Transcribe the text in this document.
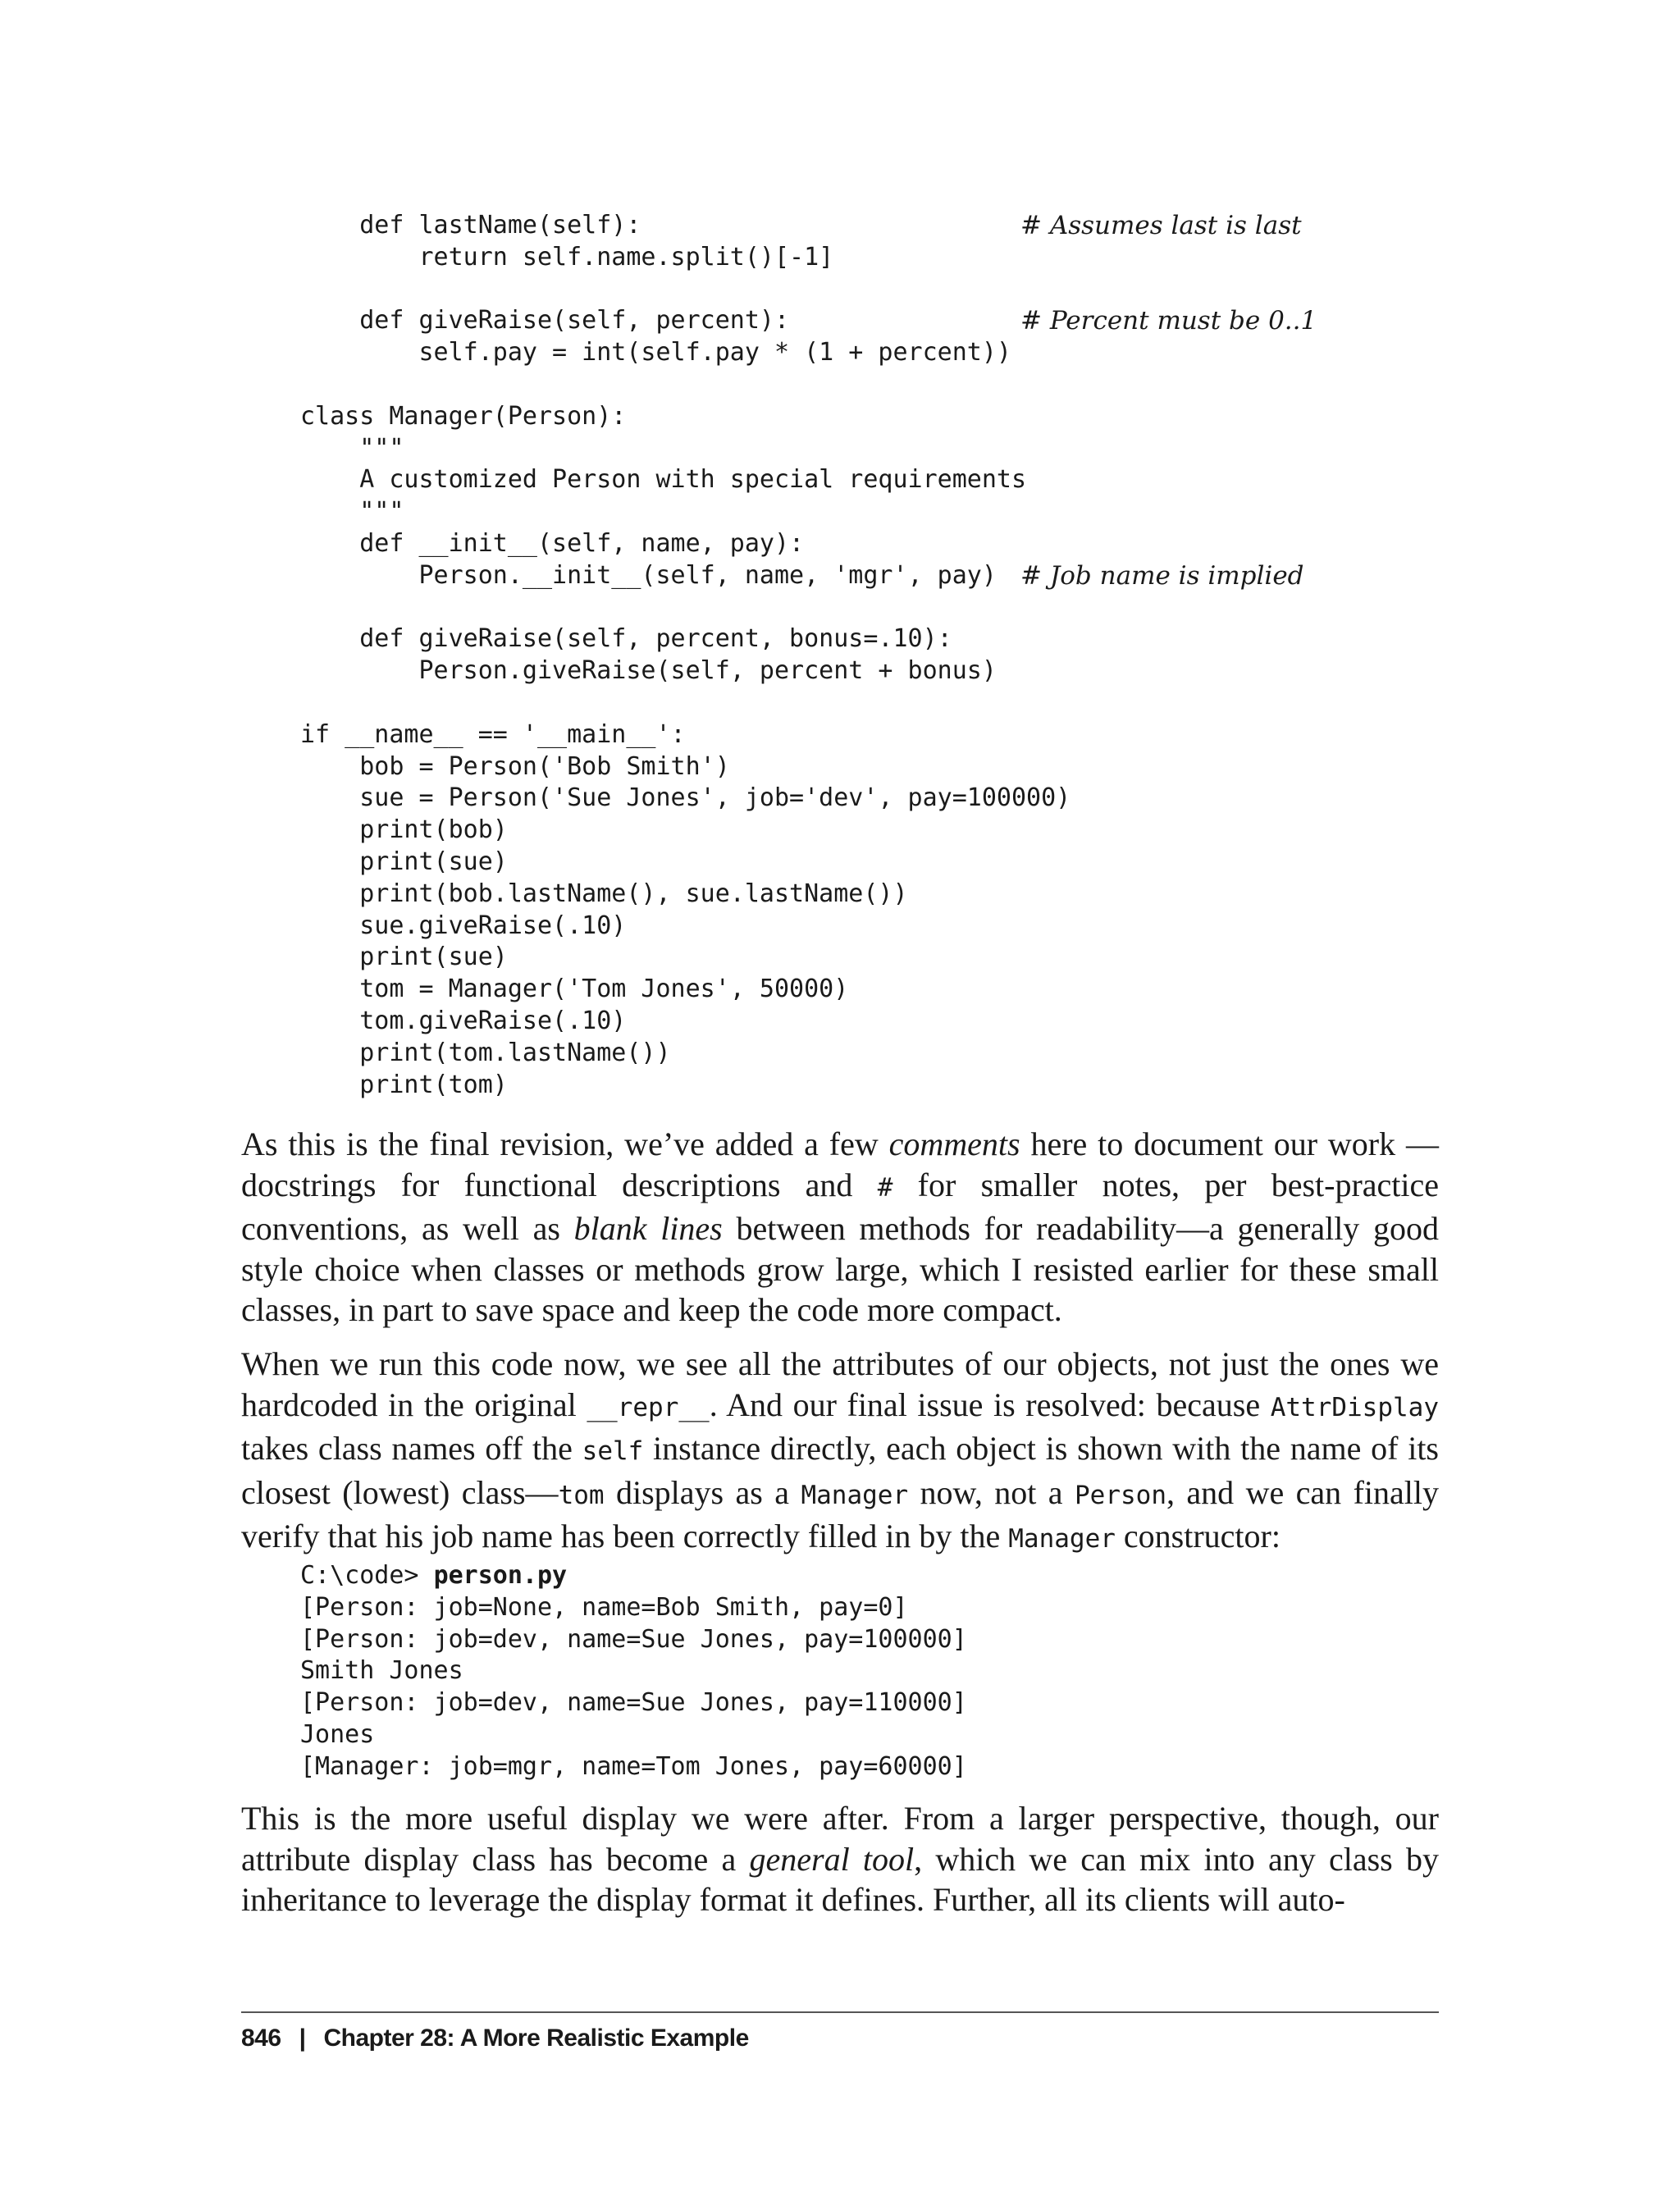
def lastName(self):	# Assumes last is last
return self.name.split()[-1]
def giveRaise(self, percent):	# Percent must be 0..1
self.pay = int(self.pay * (1 + percent))
class Manager(Person):
"""
A customized Person with special requirements
"""
def __init__(self, name, pay):
Person.__init__(self, name, 'mgr', pay) # Job name is implied
def giveRaise(self, percent, bonus=.10):
Person.giveRaise(self, percent + bonus)
if __name__ == '__main__':
bob = Person('Bob Smith')
sue = Person('Sue Jones', job='dev', pay=100000)
print(bob)
print(sue)
print(bob.lastName(), sue.lastName())
sue.giveRaise(.10)
print(sue)
tom = Manager('Tom Jones', 50000)
tom.giveRaise(.10)
print(tom.lastName())
print(tom)

As this is the final revision, we’ve added a few comments here to document our work —docstrings for functional descriptions and # for smaller notes, per best-practice conventions, as well as blank lines between methods for readability—a generally good style choice when classes or methods grow large, which I resisted earlier for these small classes, in part to save space and keep the code more compact.

When we run this code now, we see all the attributes of our objects, not just the ones we hardcoded in the original __repr__. And our final issue is resolved: because AttrDisplay takes class names off the self instance directly, each object is shown with the name of its closest (lowest) class—tom displays as a Manager now, not a Person, and we can finally verify that his job name has been correctly filled in by the Manager constructor:

C:\code> person.py
[Person: job=None, name=Bob Smith, pay=0]
[Person: job=dev, name=Sue Jones, pay=100000]
Smith Jones
[Person: job=dev, name=Sue Jones, pay=110000]
Jones
[Manager: job=mgr, name=Tom Jones, pay=60000]

This is the more useful display we were after. From a larger perspective, though, our attribute display class has become a general tool, which we can mix into any class by inheritance to leverage the display format it defines. Further, all its clients will auto-

846 | Chapter 28: A More Realistic Example
